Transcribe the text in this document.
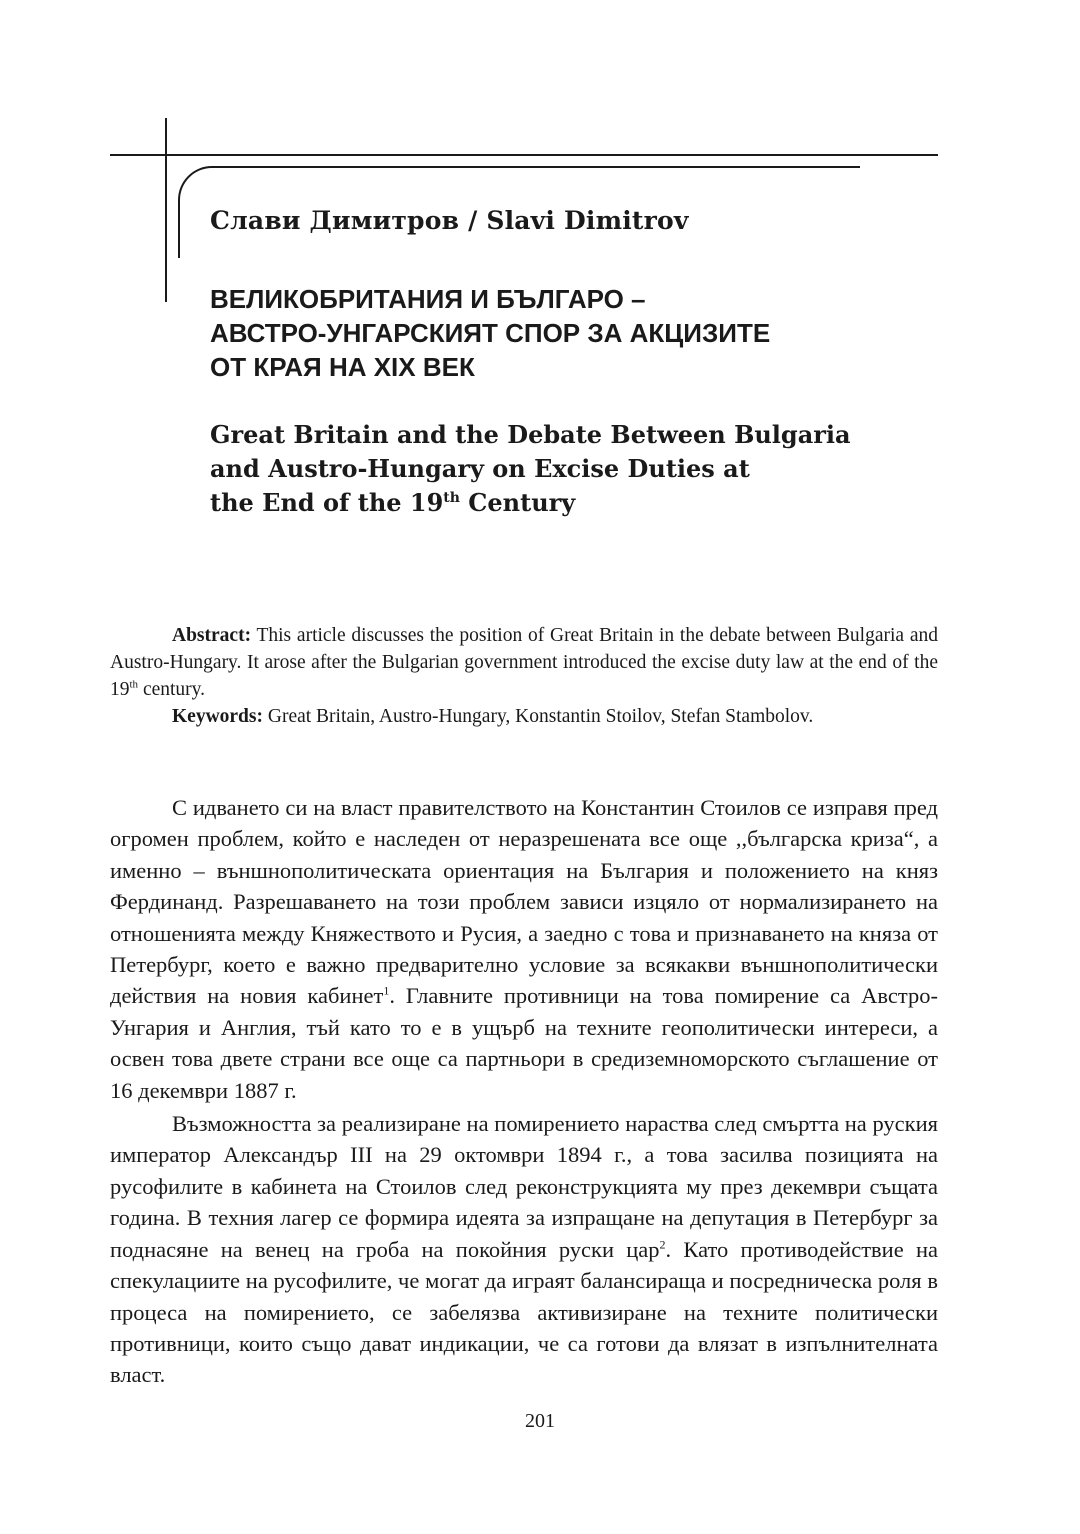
Слави Димитров / Slavi Dimitrov
ВЕЛИКОБРИТАНИЯ И БЪЛГАРО –
АВСТРО-УНГАРСКИЯТ СПОР ЗА АКЦИЗИТЕ
ОТ КРАЯ НА XIX ВЕК
Great Britain and the Debate Between Bulgaria
and Austro-Hungary on Excise Duties at
the End of the 19th Century

Abstract: This article discusses the position of Great Britain in the debate between Bulgaria and Austro-Hungary. It arose after the Bulgarian government introduced the excise duty law at the end of the 19th century.

Keywords: Great Britain, Austro-Hungary, Konstantin Stoilov, Stefan Stambolov.

С идването си на власт правителството на Константин Стоилов се изправя пред огромен проблем, който е наследен от неразрешената все още ,,българска криза“, а именно – външнополитическата ориентация на България и положението на княз Фердинанд. Разрешаването на този проблем зависи изцяло от нормализирането на отношенията между Княжеството и Русия, а заедно с това и признаването на княза от Петербург, което е важно предварително условие за всякакви външнополитически действия на новия кабинет$^1$. Главните противници на това помирение са Австро-Унгария и Англия, тъй като то е в ущърб на техните геополитически интереси, а освен това двете страни все още са партньори в средиземноморското съглашение от 16 декември 1887 г.

Възможността за реализиране на помирението нараства след смъртта на руския император Александър III на 29 октомври 1894 г., а това засилва позицията на русофилите в кабинета на Стоилов след реконструкцията му през декември същата година. В техния лагер се формира идеята за изпращане на депутация в Петербург за поднасяне на венец на гроба на покойния руски цар$^2$. Като противодействие на спекулациите на русофилите, че могат да играят балансираща и посредническа роля в процеса на помирението, се забелязва активизиране на техните политически противници, които също дават индикации, че са готови да влязат в изпълнителната власт.

201
